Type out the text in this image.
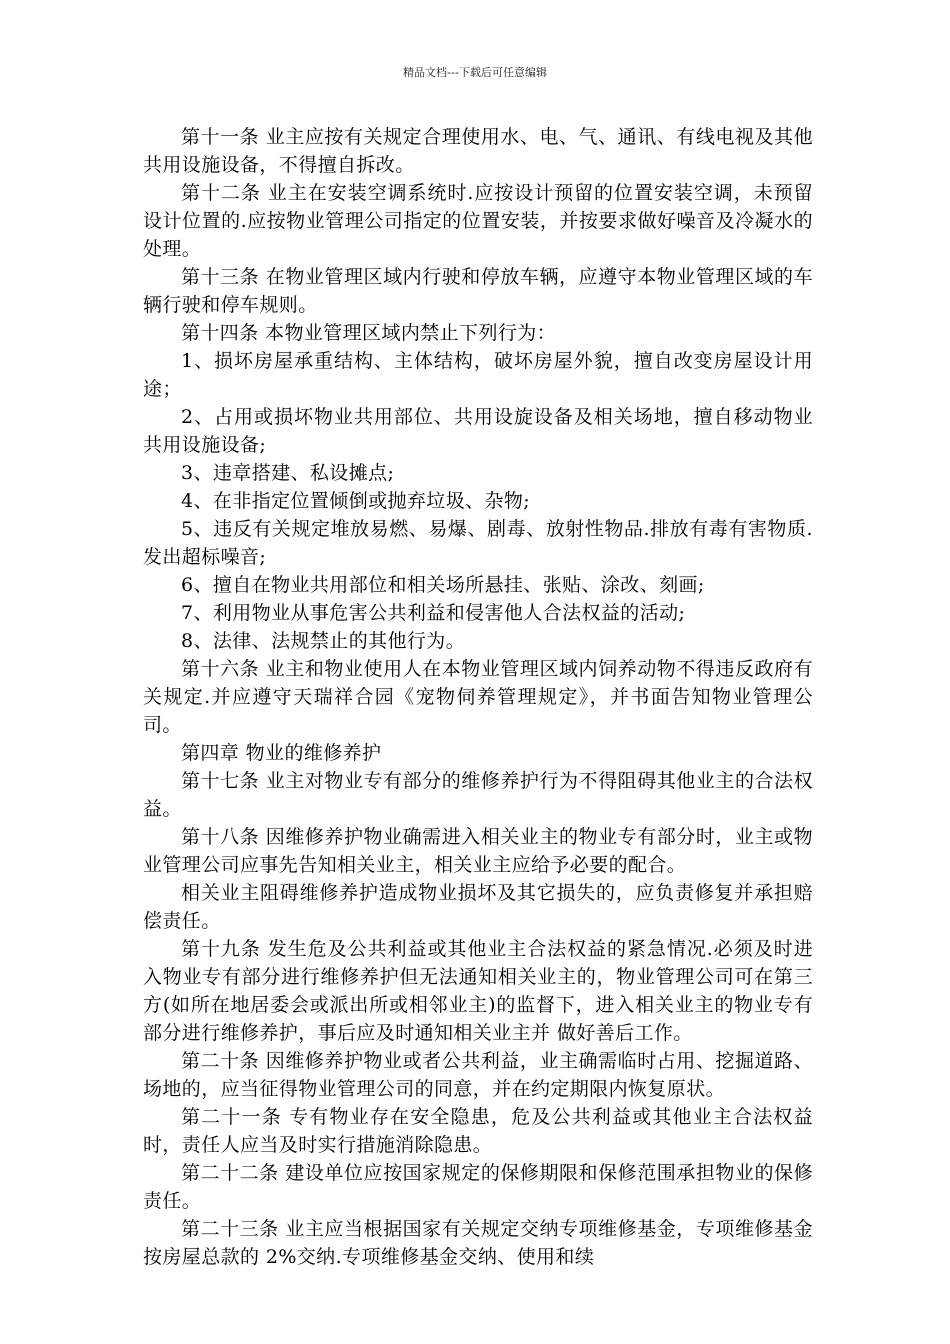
精品文档---下载后可任意编辑

第十一条 业主应按有关规定合理使用水、电、气、通讯、有线电视及其他共用设施设备，不得擅自拆改。

第十二条 业主在安装空调系统时.应按设计预留的位置安装空调，未预留设计位置的.应按物业管理公司指定的位置安装，并按要求做好噪音及冷凝水的处理。

第十三条 在物业管理区域内行驶和停放车辆，应遵守本物业管理区域的车辆行驶和停车规则。

第十四条 本物业管理区域内禁止下列行为：

1、损坏房屋承重结构、主体结构，破坏房屋外貌，擅自改变房屋设计用途；

2、占用或损坏物业共用部位、共用设旋设备及相关场地，擅自移动物业共用设施设备;

3、违章搭建、私设摊点;

4、在非指定位置倾倒或抛弃垃圾、杂物;

5、违反有关规定堆放易燃、易爆、剧毒、放射性物品.排放有毒有害物质.发出超标噪音;

6、擅自在物业共用部位和相关场所悬挂、张贴、涂改、刻画;

7、利用物业从事危害公共利益和侵害他人合法权益的活动;

8、法律、法规禁止的其他行为。

第十六条 业主和物业使用人在本物业管理区域内饲养动物不得违反政府有关规定.并应遵守天瑞祥合园《宠物伺养管理规定》，并书面告知物业管理公司。

第四章 物业的维修养护

第十七条 业主对物业专有部分的维修养护行为不得阻碍其他业主的合法权益。

第十八条 因维修养护物业确需进入相关业主的物业专有部分时，业主或物业管理公司应事先告知相关业主，相关业主应给予必要的配合。

相关业主阻碍维修养护造成物业损坏及其它损失的，应负责修复并承担赔偿责任。

第十九条 发生危及公共利益或其他业主合法权益的紧急情况.必须及时进入物业专有部分进行维修养护但无法通知相关业主的，物业管理公司可在第三方(如所在地居委会或派出所或相邻业主)的监督下，进入相关业主的物业专有部分进行维修养护，事后应及时通知相关业主并 做好善后工作。

第二十条 因维修养护物业或者公共利益，业主确需临时占用、挖掘道路、场地的，应当征得物业管理公司的同意，并在约定期限内恢复原状。

第二十一条 专有物业存在安全隐患，危及公共利益或其他业主合法权益时，责任人应当及时实行措施消除隐患。

第二十二条 建设单位应按国家规定的保修期限和保修范围承担物业的保修责任。

第二十三条 业主应当根据国家有关规定交纳专项维修基金，专项维修基金按房屋总款的 2%交纳.专项维修基金交纳、使用和续
